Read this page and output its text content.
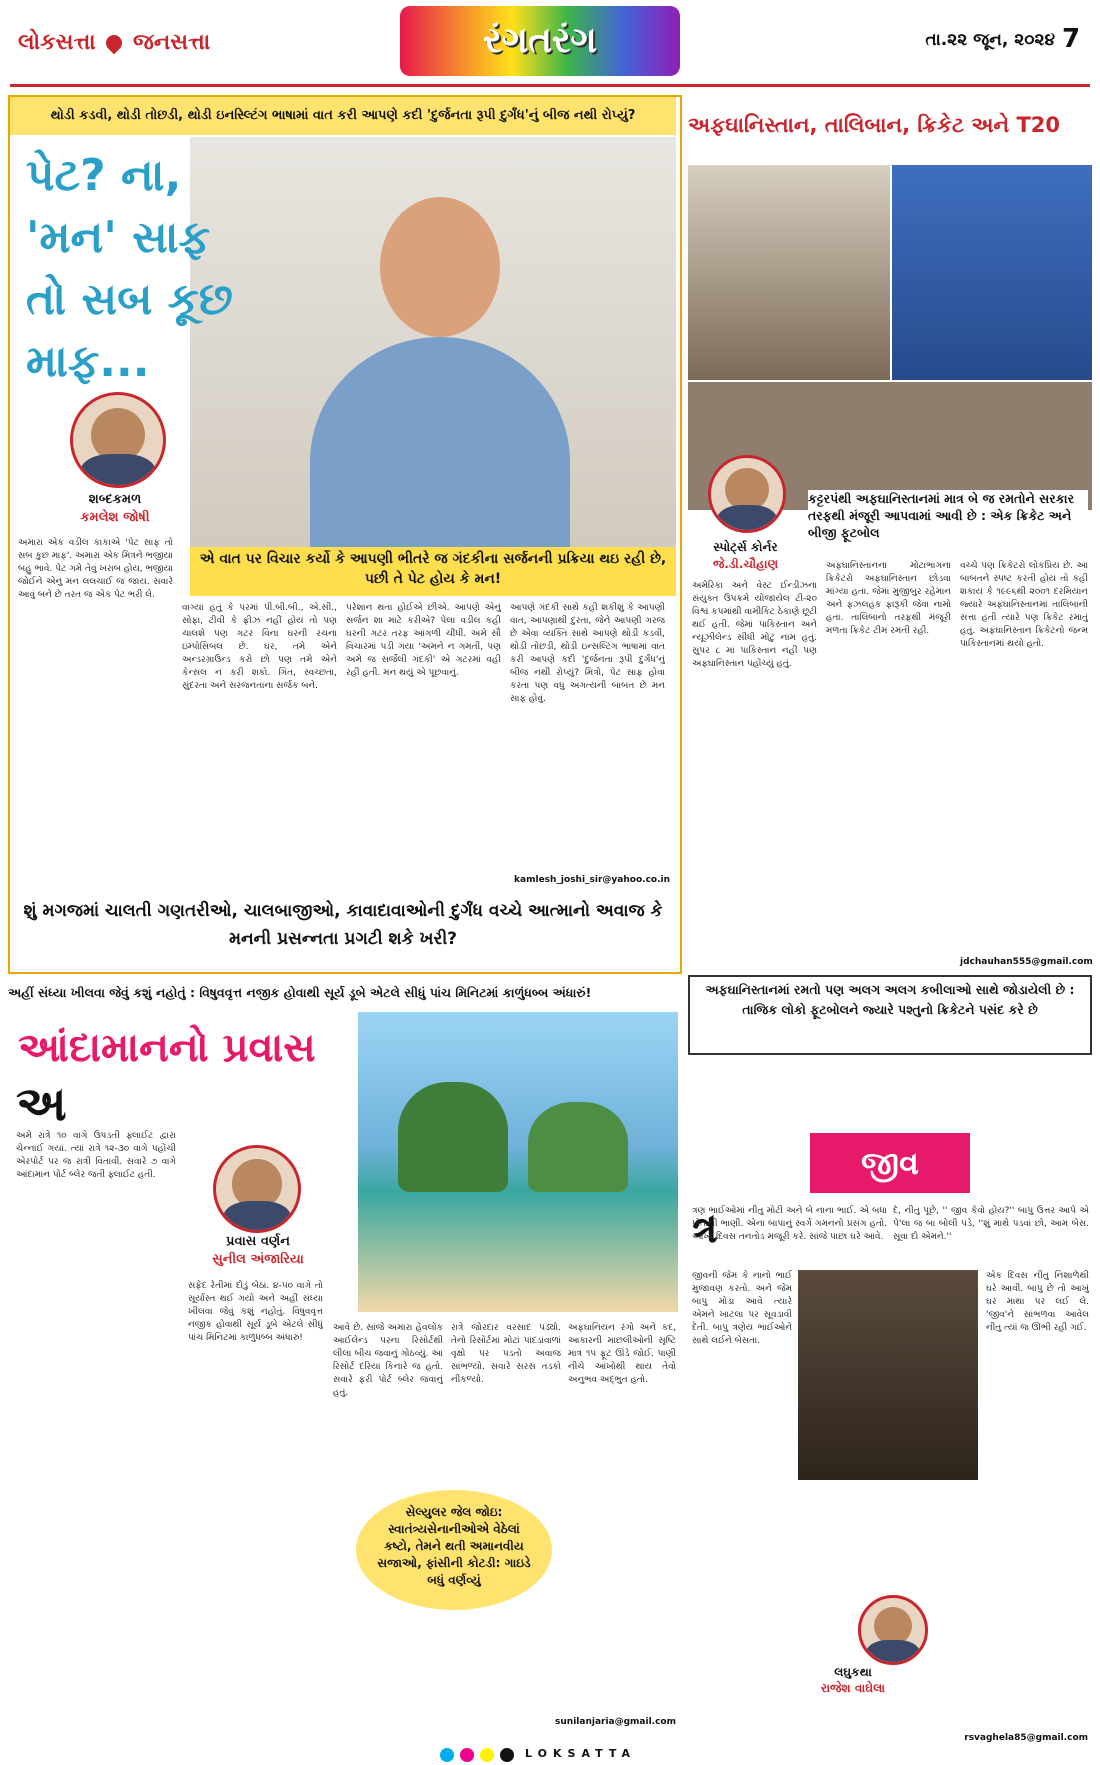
લોકસત્તા જનસત્તા	રંગતરંગ	તા.૨૨ જૂન, ૨૦૨૪ 7
થોડી કડવી, થોડી તોછડી, થોડી ઇનસ્લ્ટિંગ ભાષામાં વાત કરી આપણે કદી 'દુર્જનતા રૂપી દુર્ગંધ'નું બીજ નથી રોપ્યું?
પેટ? ના, 'મન' સાફ તો સબ કૂછ માફ...
શબ્દકમળ
કમલેશ જોષી
એ વાત પર વિચાર કર્યો કે આપણી ભીતરે જ ગંદકીના સર્જનની પ્રક્રિયા થઇ રહી છે, પછી તે પેટ હોય કે મન!
અમારા એક વડીલ કાકાએ 'પેટ સાફ તો સબ કુછ માફ'. અમારા એક મિત્રને ભજીયા બહુ ભાવે. પેટ ગમે તેવું ખરાબ હોય, ભજીયા જોઈને એનું મન લલચાઈ જ જાય. સવારે આવું બને છે તરત જ એક પેટ ભરી લે.
વાગ્યા હતું કે પરમાં પી.બી.બી., એ.સી., સોફા, ટીવી કે ફ્રીઝ નહીં હોય તો પણ ચાલશે પણ ગટર વિના ઘરની રચના ઇમ્પોસિબલ છે. ઘર, તમે એને અન્ડરગ્રાઉન્ડ કરો છો પણ તમે એને કેન્સલ ન કરી શકો. ગિત, સ્વચ્છતા, સુંદરતા અને સરજનતાના સર્જક બને.
પરેશાન થતા હોઈએ છીએ. આપણે એનું સર્જન શા માટે કરીએ? પેલા વડીલ કહી ઘરની ગટર તરફ આંગળી ચીંધી. અમે સૌ વિચારમાં પડી ગયા 'અમને ન ગમતી, પણ અમે જ સર્જેલી ગંદકી' એ ગટરમાં વહી રહી હતી. મન થયું એ પૂછવાનું.
આપણે ગંદકી સાથે કહી શકીશું કે આપણી વાત, આપણાથી દુરતા, જેને આપણી ગરજ છે એવા વ્યક્તિ સાથે આપણે થોડી કડવી, થોડી તોછડી, થોડી ઇન્સલ્ટિંગ ભાષામાં વાત કરી આપણે કદી 'દુર્જનતા રૂપી દુર્ગંધ'નું બીજ નથી રોપ્યું? મિત્રો, પેટ સાફ હોવા કરતા પણ વધુ અગત્યની બાબત છે મન સાફ હોવું.
kamlesh_joshi_sir@yahoo.co.in
શું મગજમાં ચાલતી ગણતરીઓ, ચાલબાજીઓ, કાવાદાવાઓની દુર્ગંધ વચ્ચે આત્માનો અવાજ કે મનની પ્રસન્નતા પ્રગટી શકે ખરી?
અફઘાનિસ્તાન, તાલિબાન, ક્રિકેટ અને T20
કટ્ટરપંથી અફઘાનિસ્તાનમાં માત્ર બે જ રમતોને સરકાર તરફથી મંજૂરી આપવામાં આવી છે : એક ક્રિકેટ અને બીજી ફૂટબોલ
સ્પોર્ટ્સ કોર્નર
જે.ડી.ચૌહાણ
અમેરિકા અને વેસ્ટ ઈન્ડીઝના સંયુક્ત ઉપક્રમે યોજાયેલ ટી-૨૦ વિશ્વ કપમાંથી વામીકિટ ઠેકાણે છૂટી થઈ હતી. જેમાં પાકિસ્તાન અને ન્યૂઝીલેન્ડ સીધી મોટું નામ હતું. સુપર ૮ માં પાકિસ્તાન નહીં પણ અફઘાનિસ્તાન પહોંચ્યું હતું.
અફઘાનિસ્તાનના મોટાભાગના ક્રિકેટરો અફઘાનિસ્તાન છોડવા માંગ્યા હતા. જેમાં મુજીબુર રહેમાન અને ફઝલહક ફારૂકી જેવા નામો હતા. તાલિબાનો તરફથી મંજૂરી મળતા ક્રિકેટ ટીમ રમતી રહી.
વચ્ચે પણ ક્રિકેટરો લોકપ્રિય છે. આ બાબતને સ્પષ્ટ કરતી હોય તો કહી શકાય કે ૧૯૯૬થી ૨૦૦૧ દરમિયાન જ્યારે અફઘાનિસ્તાનમાં તાલિબાની સત્તા હતી ત્યારે પણ ક્રિકેટ રમાતું હતું. અફઘાનિસ્તાન ક્રિકેટનો જન્મ પાકિસ્તાનમાં થયો હતો.
jdchauhan555@gmail.com
અફઘાનિસ્તાનમાં રમતો પણ અલગ અલગ કબીલાઓ સાથે જોડાયેલી છે : તાજિક લોકો ફૂટબોલને જ્યારે પશ્તુનો ક્રિકેટને પસંદ કરે છે
અહીં સંધ્યા ખીલવા જેવું કશું નહોતું : વિષુવવૃત્ત નજીક હોવાથી સૂર્ય ડૂબે એટલે સીધું પાંચ મિનિટમાં કાળુંધબ્બ અંધારું!
આંદામાનનો પ્રવાસ
અ
અમે રાત્રે ૧૦ વાગે ઉપડતી ફ્લાઈટ દ્વારા ચેન્નાઈ ગયાં. ત્યાં રાત્રે ૧૨-૩૦ વાગે પહોંચી એરપોર્ટ પર જ રાત્રી વિતાવી. સવારે ૭ વાગે આંદામાન પોર્ટ બ્લેર જતી ફ્લાઈટ હતી.
પ્રવાસ વર્ણન
સુનીલ અંજારિયા
સફેદ રેતીમાં દોડું બેઠાં. ૪-૫૦ વાગે તો સૂર્યાસ્ત થઈ ગયો અને અહીં સંધ્યા ખીલવા જેવું કશું નહોતું. વિષુવવૃત્ત નજીક હોવાથી સૂર્ય ડૂબે એટલે સીધું પાંચ મિનિટમાં કાળુંધબ્બ અંધારું!
આવે છે. સાંજે અમારા હેવલોક આઈલેન્ડ પરના રિસોર્ટથી લીલા બીચ જવાનું ગોઠવ્યું. આ રિસોર્ટ દરિયા કિનારે જ હતો. સવારે ફરી પોર્ટ બ્લેર જવાનું હતું.
રાત્રે જોરદાર વરસાદ પડ્યો. તેનો રિસોર્ટમાં મોટાં પાંદડાંવાળાં વૃક્ષો પર પડતો અવાજ સાંભળ્યો. સવારે સરસ તડકો નીકળ્યો.
અફઘાનિયન રંગો અને કદ, આકારની માછલીઓની સૃષ્ટિ માત્ર ૧૫ ફૂટ ઊંડે જોઈ. પાણી નીચે આંખોથી થાય તેવો અનુભવ અદ્ભુત હતો.
સેલ્યુલર જેલ જોઇ: સ્વાતંત્ર્યસેનાનીઓએ વેઠેલાં કષ્ટો, તેમને થતી અમાનવીય સજાઓ, ફાંસીની કોટડી: ગાઇડે બધું વર્ણવ્યું
sunilanjaria@gmail.com
જીવ
ત્ર
ત્રણ ભાઈઓમાં નીતુ મોટી અને બે નાના ભાઈ. એ બધા પોતાની ભાણી. એના બાપાનું સ્વર્ગ ગમનનો પ્રસંગ હતો. આખો દિવસ તનતોડ મજૂરી કરે. સાંજે પાછા ઘરે આવે.
દે, નીતુ પૂછે, '' જીવ કેવો હોય?'' બાપુ ઉત્તર આપે એ પે'લા જ બા બોલી પડે, ''શું માથે પડવાં છો, આમ બેસ. સૂવા દો એમને.''
જીવની જેમ કે નાનો ભાઈ મુજાવણ કરતો. અને જેમ બાપુ મોડા આવે ત્યારે એમને ખાટલા પર સૂવડાવી દેતી. બાપુ ત્રણેય ભાઈઓને સાથે લઈને બેસતા.
એક દિવસ નીતુ નિશાળેથી ઘરે આવી. બાપુ છે તો આખું ઘર માથા પર લઈ લે. 'જીવ'ને સાંભળવા આવેલ નીતુ ત્યાં જ ઊભી રહી ગઈ.
લઘુકથા
રાજેશ વાઘેલા
rsvaghela85@gmail.com
LOKSATTA
